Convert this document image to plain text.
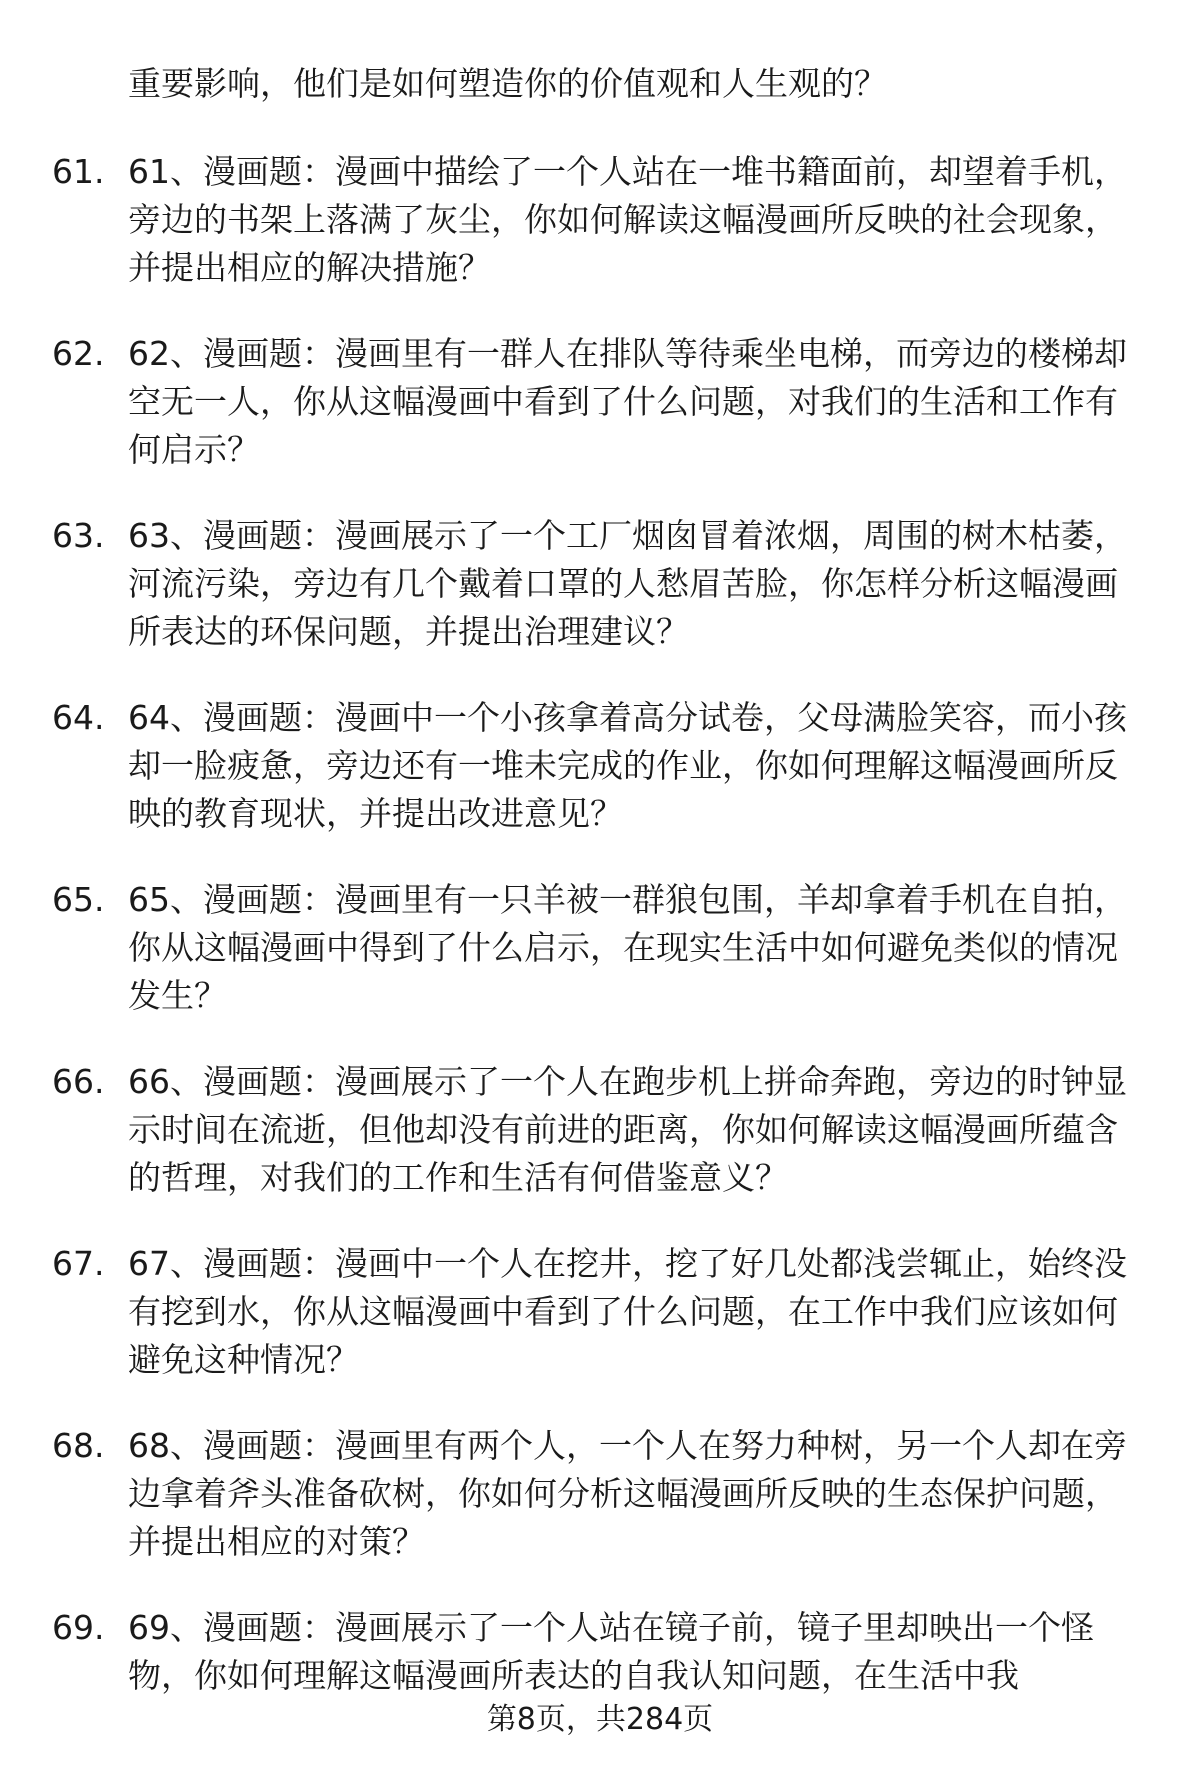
重要影响，他们是如何塑造你的价值观和人生观的？
61. 61、漫画题：漫画中描绘了一个人站在一堆书籍面前，却望着手机，旁边的书架上落满了灰尘，你如何解读这幅漫画所反映的社会现象，并提出相应的解决措施？
62. 62、漫画题：漫画里有一群人在排队等待乘坐电梯，而旁边的楼梯却空无一人，你从这幅漫画中看到了什么问题，对我们的生活和工作有何启示？
63. 63、漫画题：漫画展示了一个工厂烟囱冒着浓烟，周围的树木枯萎，河流污染，旁边有几个戴着口罩的人愁眉苦脸，你怎样分析这幅漫画所表达的环保问题，并提出治理建议？
64. 64、漫画题：漫画中一个小孩拿着高分试卷，父母满脸笑容，而小孩却一脸疲惫，旁边还有一堆未完成的作业，你如何理解这幅漫画所反映的教育现状，并提出改进意见？
65. 65、漫画题：漫画里有一只羊被一群狼包围，羊却拿着手机在自拍，你从这幅漫画中得到了什么启示，在现实生活中如何避免类似的情况发生？
66. 66、漫画题：漫画展示了一个人在跑步机上拼命奔跑，旁边的时钟显示时间在流逝，但他却没有前进的距离，你如何解读这幅漫画所蕴含的哲理，对我们的工作和生活有何借鉴意义？
67. 67、漫画题：漫画中一个人在挖井，挖了好几处都浅尝辄止，始终没有挖到水，你从这幅漫画中看到了什么问题，在工作中我们应该如何避免这种情况？
68. 68、漫画题：漫画里有两个人，一个人在努力种树，另一个人却在旁边拿着斧头准备砍树，你如何分析这幅漫画所反映的生态保护问题，并提出相应的对策？
69. 69、漫画题：漫画展示了一个人站在镜子前，镜子里却映出一个怪物，你如何理解这幅漫画所表达的自我认知问题，在生活中我
第8页，共284页
